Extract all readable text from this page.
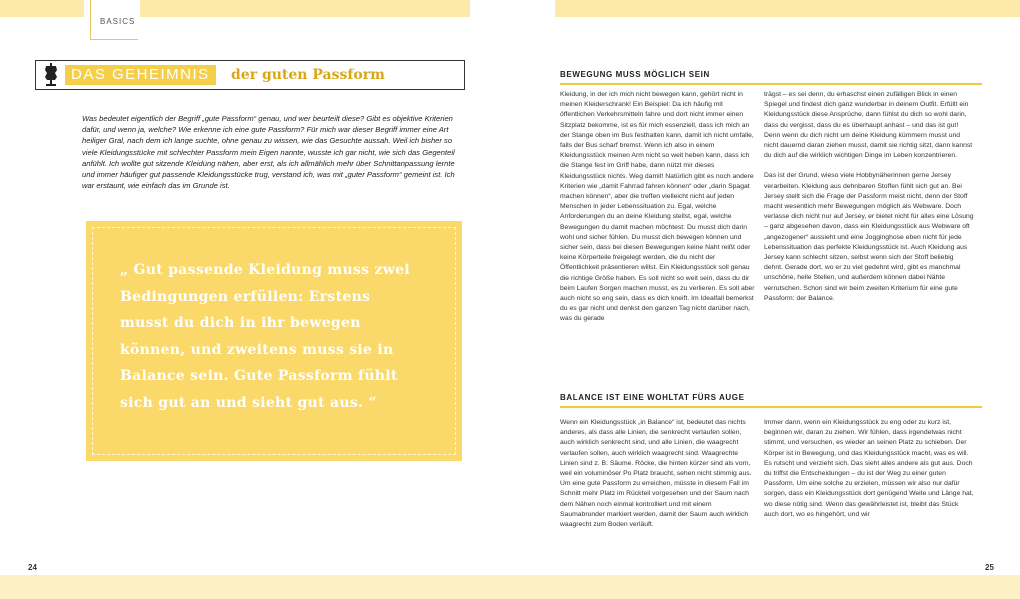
BASICS
DAS GEHEIMNIS	der guten Passform
Was bedeutet eigentlich der Begriff „gute Passform“ genau, und wer beurteilt diese? Gibt es objektive Kriterien dafür, und wenn ja, welche? Wie erkenne ich eine gute Passform? Für mich war dieser Begriff immer eine Art heiliger Gral, nach dem ich lange suchte, ohne genau zu wissen, wie das Gesuchte aussah. Weil ich bisher so viele Kleidungsstücke mit schlechter Passform mein Eigen nannte, wusste ich gar nicht, wie sich das Gegenteil anfühlt. Ich wollte gut sitzende Kleidung nähen, aber erst, als ich allmählich mehr über Schnittanpassung lernte und immer häufiger gut passende Kleidungsstücke trug, verstand ich, was mit „guter Passform“ gemeint ist. Ich war erstaunt, wie einfach das im Grunde ist.
„ Gut passende Kleidung muss zwei Bedingungen erfüllen: Erstens musst du dich in ihr bewegen können, und zweitens muss sie in Balance sein. Gute Passform fühlt sich gut an und sieht gut aus. “
BEWEGUNG MUSS MÖGLICH SEIN

Kleidung, in der ich mich nicht bewegen kann, gehört nicht in meinen Kleiderschrank! Ein Beispiel: Da ich häufig mit öffentlichen Verkehrsmitteln fahre und dort nicht immer einen Sitzplatz bekomme, ist es für mich essenziell, dass ich mich an der Stange oben im Bus festhalten kann, damit ich nicht umfalle, falls der Bus scharf bremst. Wenn ich also in einem Kleidungsstück meinen Arm nicht so weit heben kann, dass ich die Stange fest im Griff habe, dann nützt mir dieses Kleidungsstück nichts. Weg damit! Natürlich gibt es noch andere Kriterien wie „damit Fahrrad fahren können“ oder „darin Spagat machen können“, aber die treffen vielleicht nicht auf jeden Menschen in jeder Lebenssituation zu. Egal, welche Anforderungen du an deine Kleidung stellst, egal, welche Bewegungen du damit machen möchtest: Du musst dich darin wohl und sicher fühlen. Du musst dich bewegen können und sicher sein, dass bei diesen Bewegungen keine Naht reißt oder keine Körperteile freigelegt werden, die du nicht der Öffentlichkeit präsentieren willst. Ein Kleidungsstück soll genau die richtige Größe haben. Es soll nicht so weit sein, dass du dir beim Laufen Sorgen machen musst, es zu verlieren. Es soll aber auch nicht so eng sein, dass es dich kneift. Im Idealfall bemerkst du es gar nicht und denkst den ganzen Tag nicht darüber nach, was du gerade

trägst – es sei denn, du erhaschst einen zufälligen Blick in einen Spiegel und findest dich ganz wunderbar in deinem Outfit. Erfüllt ein Kleidungsstück diese Ansprüche, dann fühlst du dich so wohl darin, dass du vergisst, dass du es überhaupt anhast – und das ist gut! Denn wenn du dich nicht um deine Kleidung kümmern musst und nicht dauernd daran ziehen musst, damit sie richtig sitzt, dann kannst du dich auf die wirklich wichtigen Dinge im Leben konzentrieren.

Das ist der Grund, wieso viele Hobbynäherinnen gerne Jersey verarbeiten. Kleidung aus dehnbaren Stoffen fühlt sich gut an. Bei Jersey stellt sich die Frage der Passform meist nicht, denn der Stoff macht wesentlich mehr Bewegungen möglich als Webware. Doch verlasse dich nicht nur auf Jersey, er bietet nicht für alles eine Lösung – ganz abgesehen davon, dass ein Kleidungsstück aus Webware oft „angezogener“ aussieht und eine Jogginghose eben nicht für jede Lebenssituation das perfekte Kleidungsstück ist. Auch Kleidung aus Jersey kann schlecht sitzen, selbst wenn sich der Stoff beliebig dehnt. Gerade dort, wo er zu viel gedehnt wird, gibt es manchmal unschöne, helle Stellen, und außerdem können dabei Nähte verrutschen. Schon sind wir beim zweiten Kriterium für eine gute Passform: der Balance.

BALANCE IST EINE WOHLTAT FÜRS AUGE

Wenn ein Kleidungsstück „in Balance“ ist, bedeutet das nichts anderes, als dass alle Linien, die senkrecht verlaufen sollen, auch wirklich senkrecht sind, und alle Linien, die waagrecht verlaufen sollen, auch wirklich waagrecht sind. Waagrechte Linien sind z. B. Säume. Röcke, die hinten kürzer sind als vorn, weil ein voluminöser Po Platz braucht, sehen nicht stimmig aus. Um eine gute Passform zu erreichen, müsste in diesem Fall im Schnitt mehr Platz im Rückteil vorgesehen und der Saum nach dem Nähen noch einmal kontrolliert und mit einem Saumabrunder markiert werden, damit der Saum auch wirklich waagrecht zum Boden verläuft.

Immer dann, wenn ein Kleidungsstück zu eng oder zu kurz ist, beginnen wir, daran zu ziehen. Wir fühlen, dass irgendetwas nicht stimmt, und versuchen, es wieder an seinen Platz zu schieben. Der Körper ist in Bewegung, und das Kleidungsstück macht, was es will. Es rutscht und verzieht sich. Das sieht alles andere als gut aus. Doch du triffst die Entscheidungen – du ist der Weg zu einer guten Passform. Um eine solche zu erzielen, müssen wir also nur dafür sorgen, dass ein Kleidungsstück dort genügend Weite und Länge hat, wo diese nötig sind. Wenn das gewährleistet ist, bleibt das Stück auch dort, wo es hingehört, und wir

24	25
